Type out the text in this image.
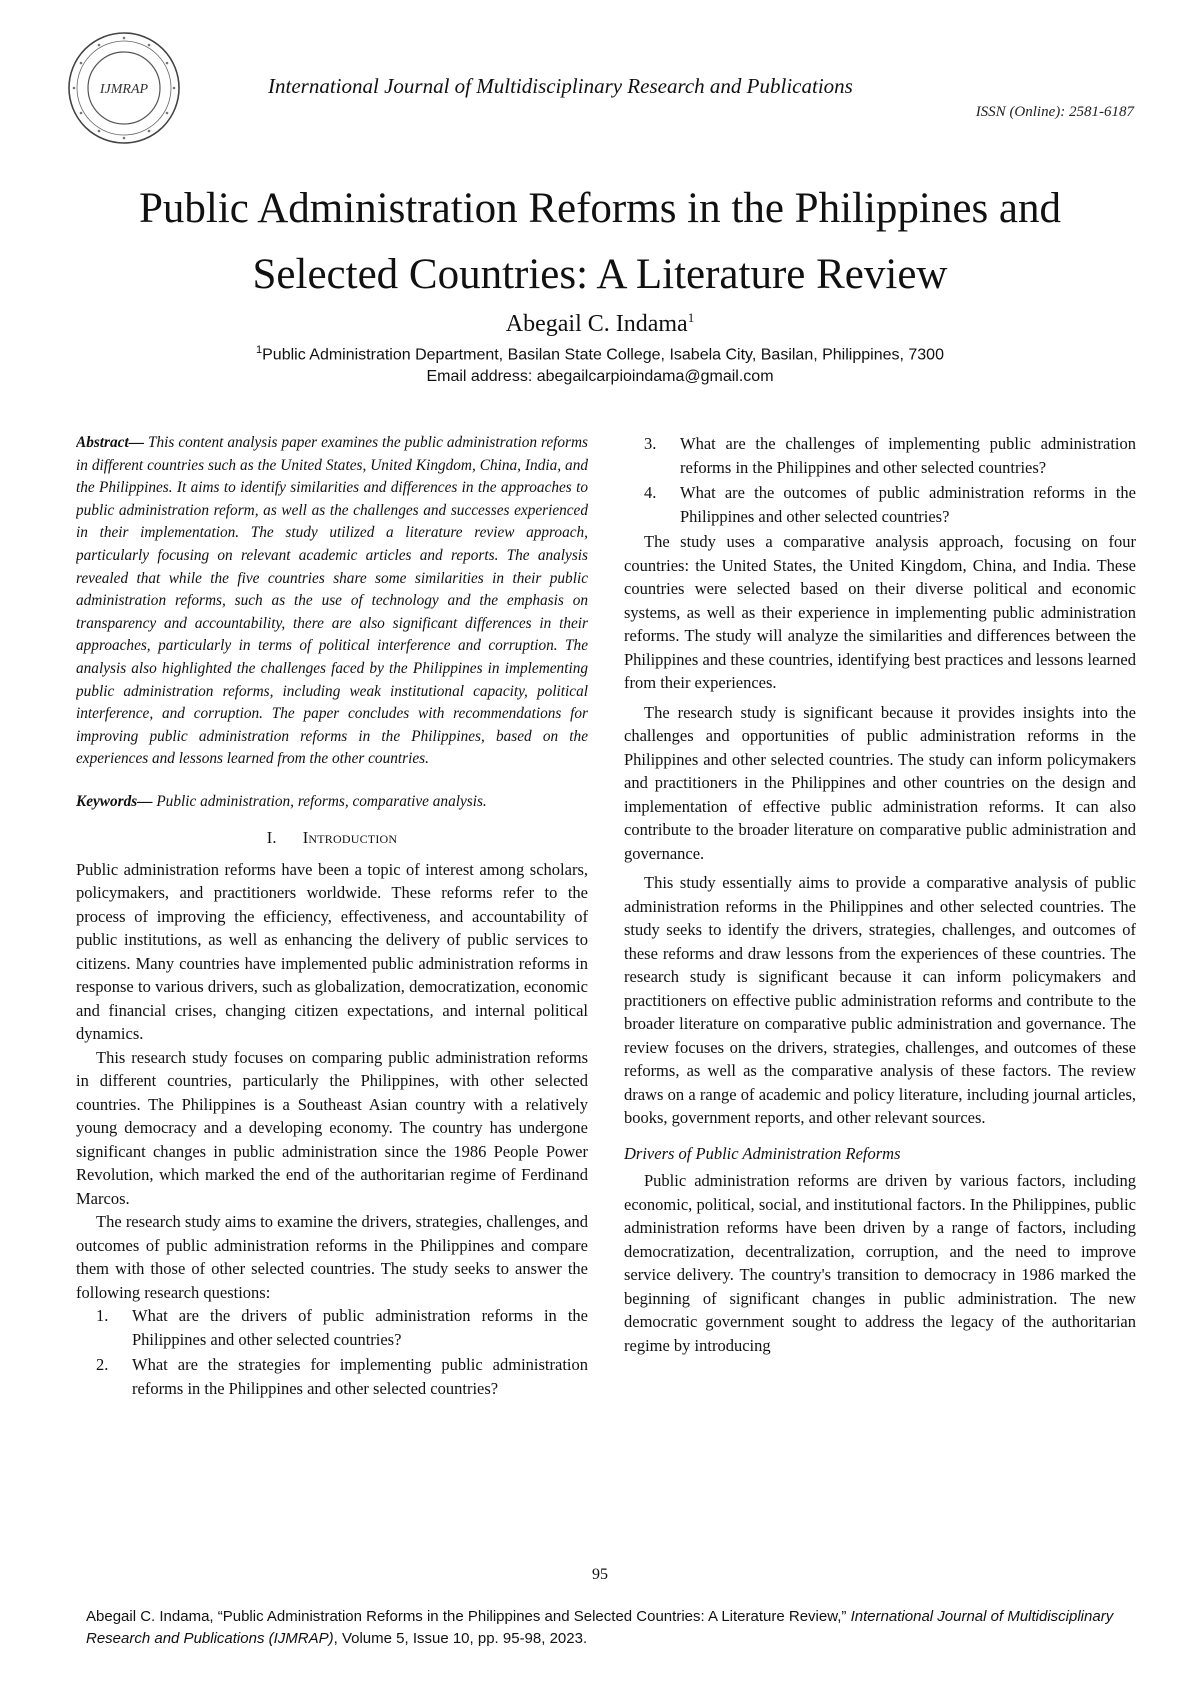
IJMRAP	International Journal of Multidisciplinary Research and Publications
ISSN (Online): 2581-6187
Public Administration Reforms in the Philippines and
Selected Countries: A Literature Review
Abegail C. Indama$^1$
$^1$Public Administration Department, Basilan State College, Isabela City, Basilan, Philippines, 7300
Email address: abegailcarpioindama@gmail.com

Abstract— This content analysis paper examines the public administration reforms in different countries such as the United States, United Kingdom, China, India, and the Philippines. It aims to identify similarities and differences in the approaches to public administration reform, as well as the challenges and successes experienced in their implementation. The study utilized a literature review approach, particularly focusing on relevant academic articles and reports. The analysis revealed that while the five countries share some similarities in their public administration reforms, such as the use of technology and the emphasis on transparency and accountability, there are also significant differences in their approaches, particularly in terms of political interference and corruption. The analysis also highlighted the challenges faced by the Philippines in implementing public administration reforms, including weak institutional capacity, political interference, and corruption. The paper concludes with recommendations for improving public administration reforms in the Philippines, based on the experiences and lessons learned from the other countries.

Keywords— Public administration, reforms, comparative analysis.

I. Introduction

Public administration reforms have been a topic of interest among scholars, policymakers, and practitioners worldwide. These reforms refer to the process of improving the efficiency, effectiveness, and accountability of public institutions, as well as enhancing the delivery of public services to citizens. Many countries have implemented public administration reforms in response to various drivers, such as globalization, democratization, economic and financial crises, changing citizen expectations, and internal political dynamics.

This research study focuses on comparing public administration reforms in different countries, particularly the Philippines, with other selected countries. The Philippines is a Southeast Asian country with a relatively young democracy and a developing economy. The country has undergone significant changes in public administration since the 1986 People Power Revolution, which marked the end of the authoritarian regime of Ferdinand Marcos.

The research study aims to examine the drivers, strategies, challenges, and outcomes of public administration reforms in the Philippines and compare them with those of other selected countries. The study seeks to answer the following research questions:

1. What are the drivers of public administration reforms in the Philippines and other selected countries?
2. What are the strategies for implementing public administration reforms in the Philippines and other selected countries?
3. What are the challenges of implementing public administration reforms in the Philippines and other selected countries?
4. What are the outcomes of public administration reforms in the Philippines and other selected countries?

The study uses a comparative analysis approach, focusing on four countries: the United States, the United Kingdom, China, and India. These countries were selected based on their diverse political and economic systems, as well as their experience in implementing public administration reforms. The study will analyze the similarities and differences between the Philippines and these countries, identifying best practices and lessons learned from their experiences.

The research study is significant because it provides insights into the challenges and opportunities of public administration reforms in the Philippines and other selected countries. The study can inform policymakers and practitioners in the Philippines and other countries on the design and implementation of effective public administration reforms. It can also contribute to the broader literature on comparative public administration and governance.

This study essentially aims to provide a comparative analysis of public administration reforms in the Philippines and other selected countries. The study seeks to identify the drivers, strategies, challenges, and outcomes of these reforms and draw lessons from the experiences of these countries. The research study is significant because it can inform policymakers and practitioners on effective public administration reforms and contribute to the broader literature on comparative public administration and governance. The review focuses on the drivers, strategies, challenges, and outcomes of these reforms, as well as the comparative analysis of these factors. The review draws on a range of academic and policy literature, including journal articles, books, government reports, and other relevant sources.

Drivers of Public Administration Reforms

Public administration reforms are driven by various factors, including economic, political, social, and institutional factors. In the Philippines, public administration reforms have been driven by a range of factors, including democratization, decentralization, corruption, and the need to improve service delivery. The country's transition to democracy in 1986 marked the beginning of significant changes in public administration. The new democratic government sought to address the legacy of the authoritarian regime by introducing

95
Abegail C. Indama, “Public Administration Reforms in the Philippines and Selected Countries: A Literature Review,” International Journal of Multidisciplinary Research and Publications (IJMRAP), Volume 5, Issue 10, pp. 95-98, 2023.
